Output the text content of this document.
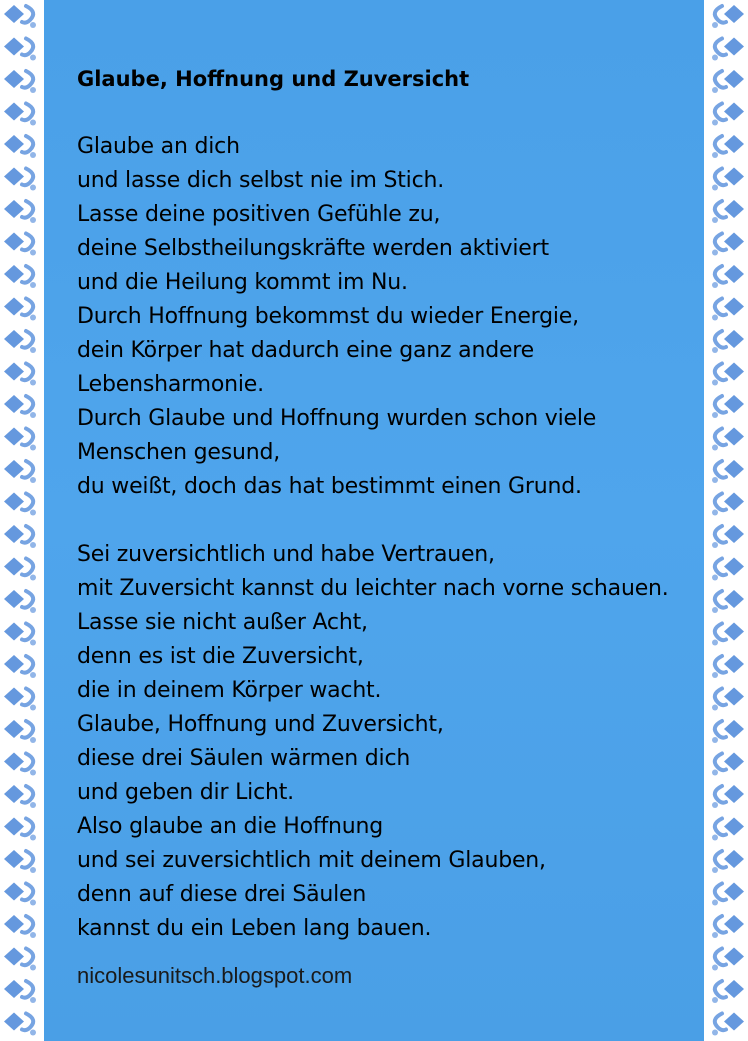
Glaube, Hoffnung und Zuversicht
Glaube an dich
und lasse dich selbst nie im Stich.
Lasse deine positiven Gefühle zu,
deine Selbstheilungskräfte werden aktiviert
und die Heilung kommt im Nu.
Durch Hoffnung bekommst du wieder Energie,
dein Körper hat dadurch eine ganz andere
Lebensharmonie.
Durch Glaube und Hoffnung wurden schon viele
Menschen gesund,
du weißt, doch das hat bestimmt einen Grund.
Sei zuversichtlich und habe Vertrauen,
mit Zuversicht kannst du leichter nach vorne schauen.
Lasse sie nicht außer Acht,
denn es ist die Zuversicht,
die in deinem Körper wacht.
Glaube, Hoffnung und Zuversicht,
diese drei Säulen wärmen dich
und geben dir Licht.
Also glaube an die Hoffnung
und sei zuversichtlich mit deinem Glauben,
denn auf diese drei Säulen
kannst du ein Leben lang bauen.
nicolesunitsch.blogspot.com
